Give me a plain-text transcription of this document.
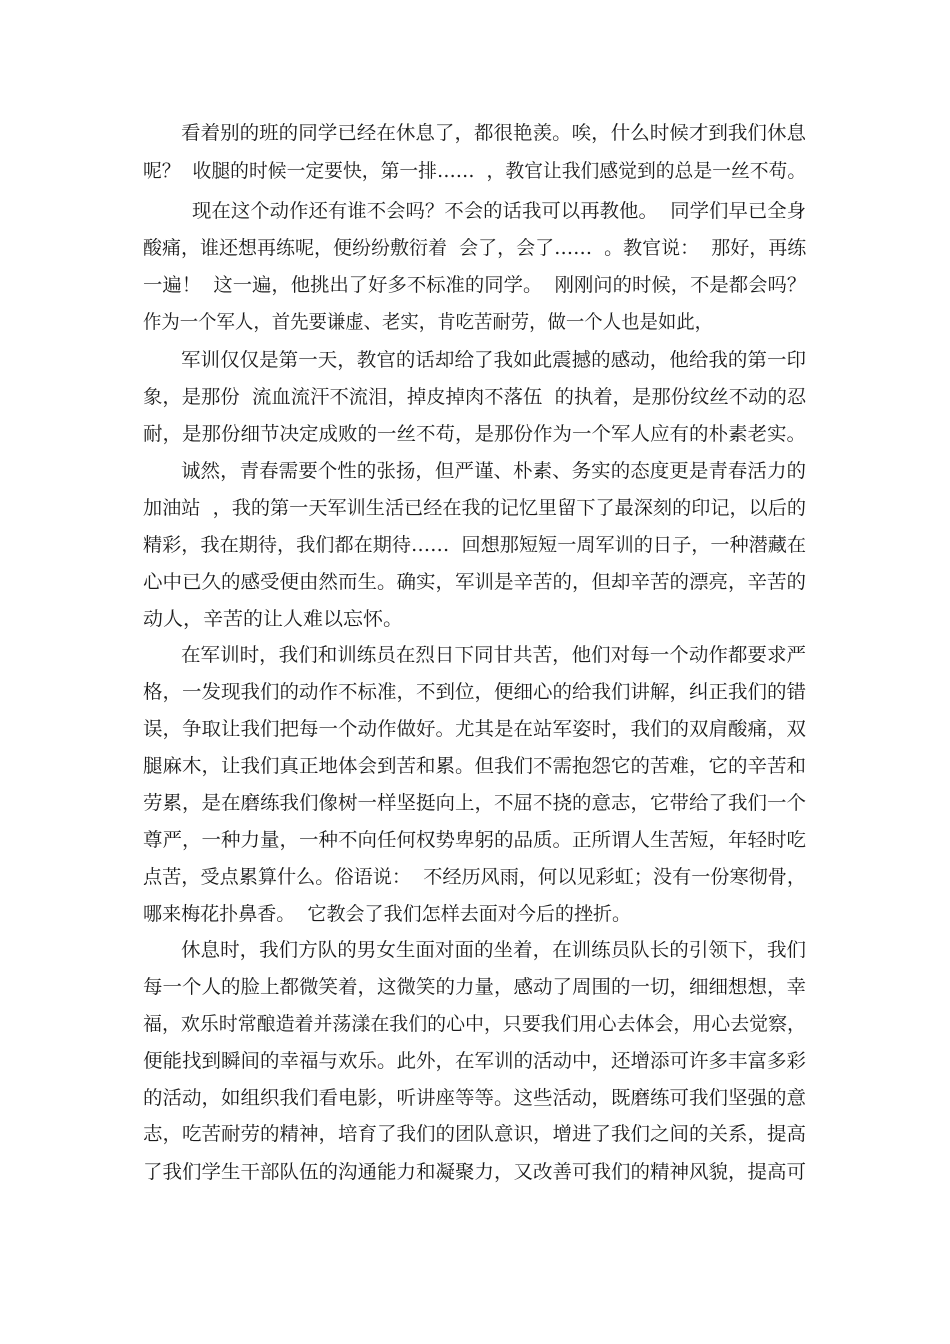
看着别的班的同学已经在休息了，都很艳羡。唉，什么时候才到我们休息
呢？  收腿的时候一定要快，第一排……  ，教官让我们感觉到的总是一丝不苟。
现在这个动作还有谁不会吗？不会的话我可以再教他。  同学们早已全身
酸痛，谁还想再练呢，便纷纷敷衍着  会了，会了……  。教官说：  那好，再练
一遍！  这一遍，他挑出了好多不标准的同学。  刚刚问的时候，不是都会吗？
作为一个军人，首先要谦虚、老实，肯吃苦耐劳，做一个人也是如此，
军训仅仅是第一天，教官的话却给了我如此震撼的感动，他给我的第一印
象，是那份  流血流汗不流泪，掉皮掉肉不落伍  的执着，是那份纹丝不动的忍
耐，是那份细节决定成败的一丝不苟，是那份作为一个军人应有的朴素老实。
诚然，青春需要个性的张扬，但严谨、朴素、务实的态度更是青春活力的
加油站  ，我的第一天军训生活已经在我的记忆里留下了最深刻的印记，以后的
精彩，我在期待，我们都在期待……  回想那短短一周军训的日子，一种潜藏在
心中已久的感受便由然而生。确实，军训是辛苦的，但却辛苦的漂亮，辛苦的
动人，辛苦的让人难以忘怀。
在军训时，我们和训练员在烈日下同甘共苦，他们对每一个动作都要求严
格，一发现我们的动作不标准，不到位，便细心的给我们讲解，纠正我们的错
误，争取让我们把每一个动作做好。尤其是在站军姿时，我们的双肩酸痛，双
腿麻木，让我们真正地体会到苦和累。但我们不需抱怨它的苦难，它的辛苦和
劳累，是在磨练我们像树一样坚挺向上，不屈不挠的意志，它带给了我们一个
尊严，一种力量，一种不向任何权势卑躬的品质。正所谓人生苦短，年轻时吃
点苦，受点累算什么。俗语说：  不经历风雨，何以见彩虹；没有一份寒彻骨，
哪来梅花扑鼻香。  它教会了我们怎样去面对今后的挫折。
休息时，我们方队的男女生面对面的坐着，在训练员队长的引领下，我们
每一个人的脸上都微笑着，这微笑的力量，感动了周围的一切，细细想想，幸
福，欢乐时常酿造着并荡漾在我们的心中，只要我们用心去体会，用心去觉察，
便能找到瞬间的幸福与欢乐。此外，在军训的活动中，还增添可许多丰富多彩
的活动，如组织我们看电影，听讲座等等。这些活动，既磨练可我们坚强的意
志，吃苦耐劳的精神，培育了我们的团队意识，增进了我们之间的关系，提高
了我们学生干部队伍的沟通能力和凝聚力，又改善可我们的精神风貌，提高可
